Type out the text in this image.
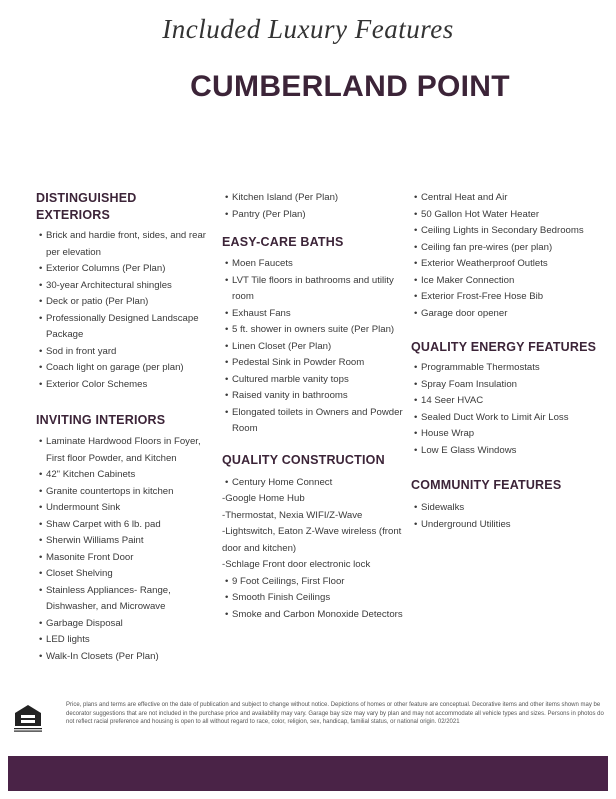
Included Luxury Features
CUMBERLAND POINT

DISTINGUISHED EXTERIORS

• Brick and hardie front, sides, and rear per elevation
• Exterior Columns (Per Plan)
• 30-year Architectural shingles
• Deck or patio (Per Plan)
• Professionally Designed Landscape Package
• Sod in front yard
• Coach light on garage (per plan)
• Exterior Color Schemes

INVITING INTERIORS

• Laminate Hardwood Floors in Foyer, First floor Powder, and Kitchen
• 42" Kitchen Cabinets
• Granite countertops in kitchen
• Undermount Sink
• Shaw Carpet with 6 lb. pad
• Sherwin Williams Paint
• Masonite Front Door
• Closet Shelving
• Stainless Appliances- Range, Dishwasher, and Microwave
• Garbage Disposal
• LED lights
• Walk-In Closets (Per Plan)
• Kitchen Island (Per Plan)
• Pantry (Per Plan)

EASY-CARE BATHS

• Moen Faucets
• LVT Tile floors in bathrooms and utility room
• Exhaust Fans
• 5 ft. shower in owners suite (Per Plan)
• Linen Closet (Per Plan)
• Pedestal Sink in Powder Room
• Cultured marble vanity tops
• Raised vanity in bathrooms
• Elongated toilets in Owners and Powder Room

QUALITY CONSTRUCTION

• Century Home Connect
-Google Home Hub
-Thermostat, Nexia WIFI/Z-Wave
-Lightswitch, Eaton Z-Wave wireless (front door and kitchen)
-Schlage Front door electronic lock
• 9 Foot Ceilings, First Floor
• Smooth Finish Ceilings
• Smoke and Carbon Monoxide Detectors
• Central Heat and Air
• 50 Gallon Hot Water Heater
• Ceiling Lights in Secondary Bedrooms
• Ceiling fan pre-wires (per plan)
• Exterior Weatherproof Outlets
• Ice Maker Connection
• Exterior Frost-Free Hose Bib
• Garage door opener

QUALITY ENERGY FEATURES

• Programmable Thermostats
• Spray Foam Insulation
• 14 Seer HVAC
• Sealed Duct Work to Limit Air Loss
• House Wrap
• Low E Glass Windows

COMMUNITY FEATURES

• Sidewalks
• Underground Utilities
Price, plans and terms are effective on the date of publication and subject to change without notice. Depictions of homes or other feature are conceptual. Decorative items and other items shown may be decorator suggestions that are not included in the purchase price and availability may vary. Garage bay size may vary by plan and may not accommodate all vehicle types and sizes. Persons in photos do not reflect racial preference and housing is open to all without regard to race, color, religion, sex, handicap, familial status, or national origin. 02/2021
